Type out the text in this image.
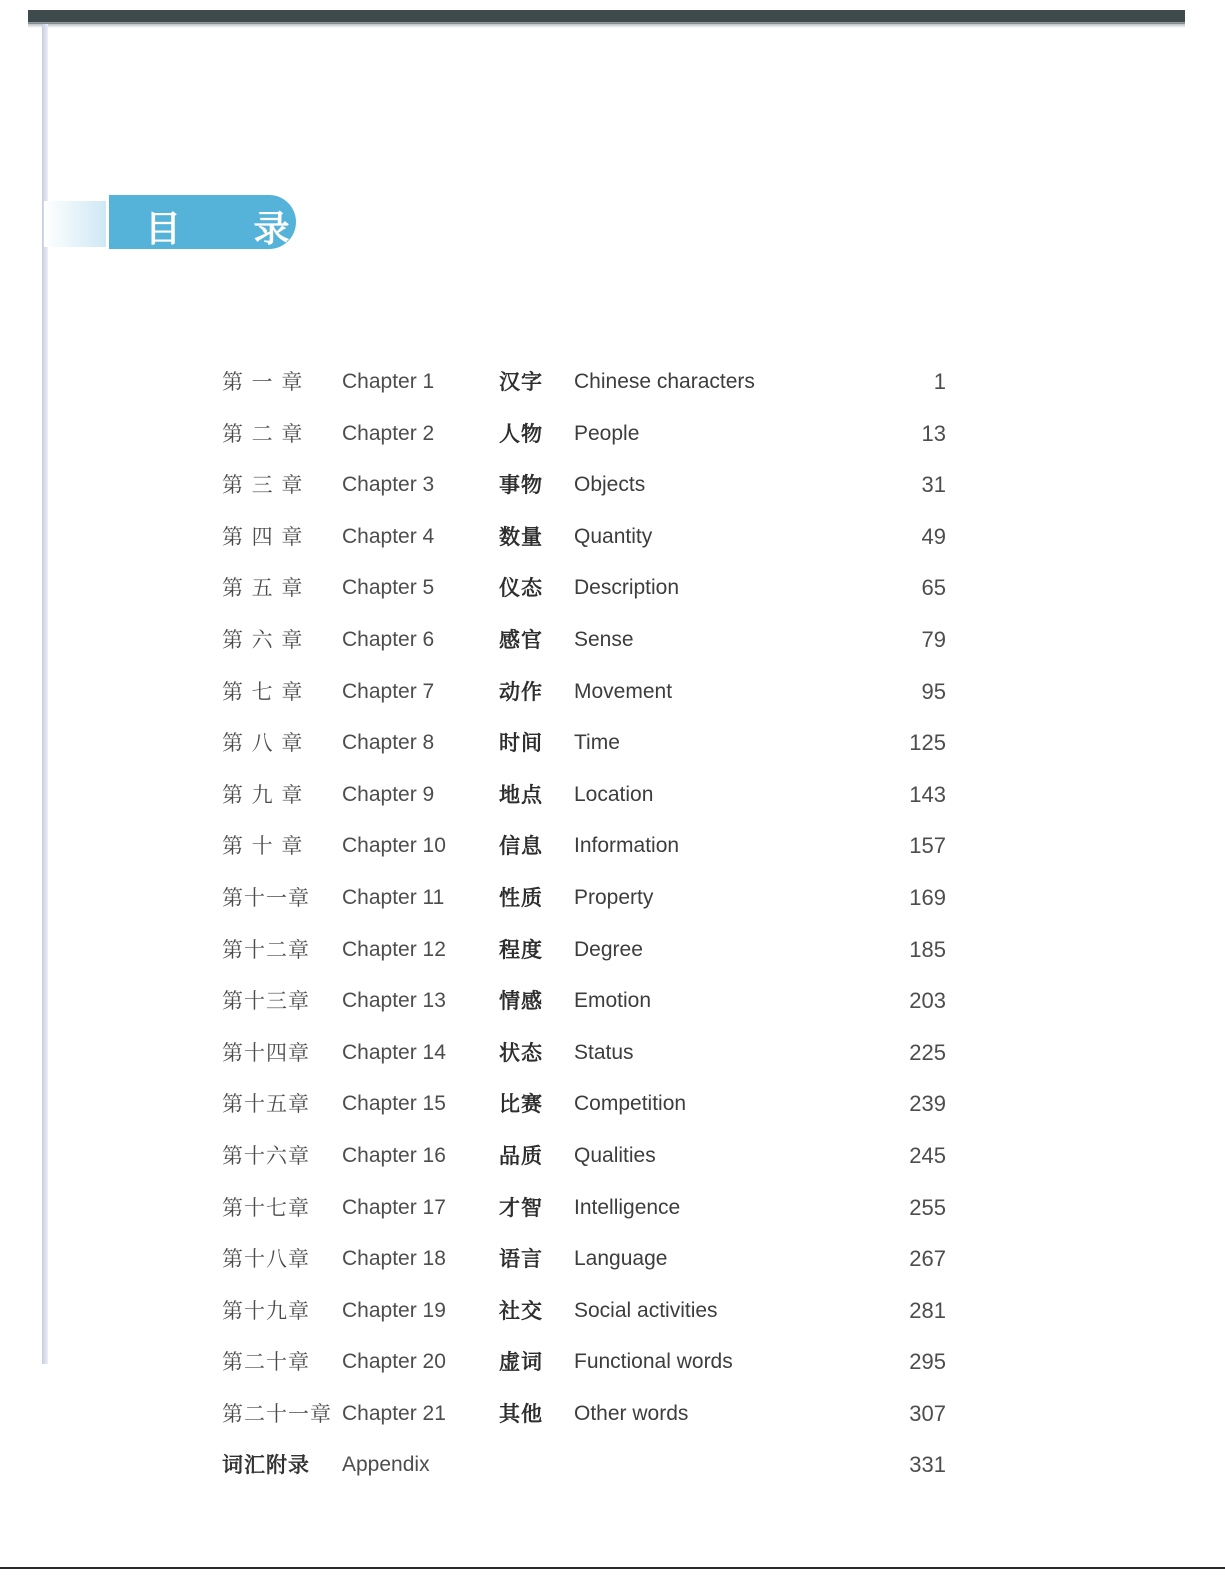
目 录
第 一 章	Chapter 1	汉字 Chinese characters	1
第 二 章	Chapter 2	人物 People	13
第 三 章	Chapter 3	事物 Objects	31
第 四 章	Chapter 4	数量 Quantity	49
第 五 章	Chapter 5	仪态 Description	65
第 六 章	Chapter 6	感官 Sense	79
第 七 章	Chapter 7	动作 Movement	95
第 八 章	Chapter 8	时间 Time	125
第 九 章	Chapter 9	地点 Location	143
第 十 章	Chapter 10	信息 Information	157
第十一章	Chapter 11	性质 Property	169
第十二章	Chapter 12	程度 Degree	185
第十三章	Chapter 13	情感 Emotion	203
第十四章	Chapter 14	状态 Status	225
第十五章	Chapter 15	比赛 Competition	239
第十六章	Chapter 16	品质 Qualities	245
第十七章	Chapter 17	才智 Intelligence	255
第十八章	Chapter 18	语言 Language	267
第十九章	Chapter 19	社交 Social activities	281
第二十章	Chapter 20	虚词 Functional words	295
第二十一章 Chapter 21	其他 Other words	307
词汇附录	Appendix	331
